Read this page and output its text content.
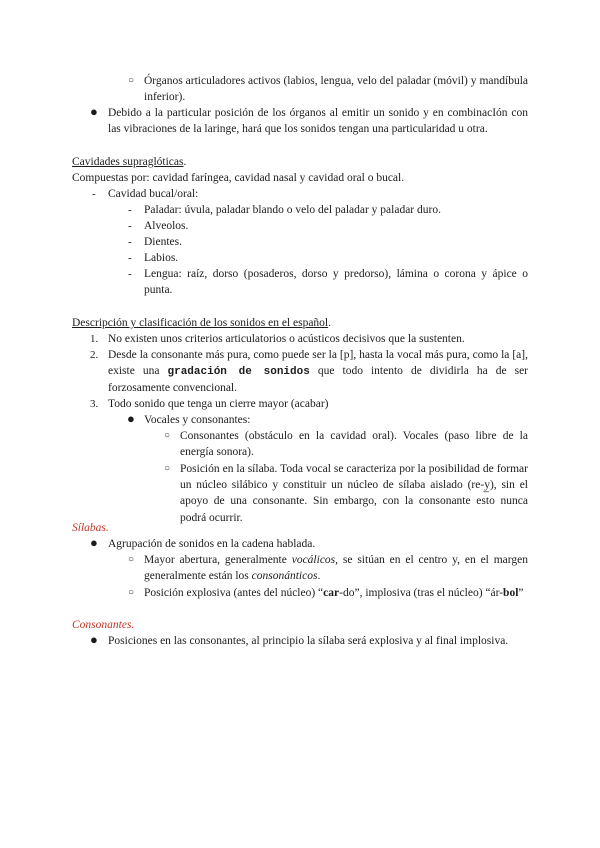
○ Órganos articuladores activos (labios, lengua, velo del paladar (móvil) y mandíbula inferior).
● Debido a la particular posición de los órganos al emitir un sonido y en combinacIón con las vibraciones de la laringe, hará que los sonidos tengan una particularidad u otra.
Cavidades supraglóticas.
Compuestas por: cavidad faríngea, cavidad nasal y cavidad oral o bucal.
- Cavidad bucal/oral:
- Paladar: úvula, paladar blando o velo del paladar y paladar duro.
- Alveolos.
- Dientes.
- Labios.
- Lengua: raíz, dorso (posaderos, dorso y predorso), lámina o corona y ápice o punta.
Descripción y clasificación de los sonidos en el español.
1. No existen unos criterios articulatorios o acústicos decisivos que la sustenten.
2. Desde la consonante más pura, como puede ser la [p], hasta la vocal más pura, como la [a], existe una gradación de sonidos que todo intento de dividirla ha de ser forzosamente convencional.
3. Todo sonido que tenga un cierre mayor (acabar)
● Vocales y consonantes:
○ Consonantes (obstáculo en la cavidad oral). Vocales (paso libre de la energía sonora).
○ Posición en la sílaba. Toda vocal se caracteriza por la posibilidad de formar un núcleo silábico y constituir un núcleo de sílaba aislado (re-y̲), sin el apoyo de una consonante. Sin embargo, con la consonante esto nunca podrá ocurrir.
Sílabas.
● Agrupación de sonidos en la cadena hablada.
○ Mayor abertura, generalmente vocálicos, se sitúan en el centro y, en el margen generalmente están los consonánticos.
○ Posición explosiva (antes del núcleo) “car-do”, implosiva (tras el núcleo) “ár-bol”
Consonantes.
● Posiciones en las consonantes, al principio la sílaba será explosiva y al final implosiva.
